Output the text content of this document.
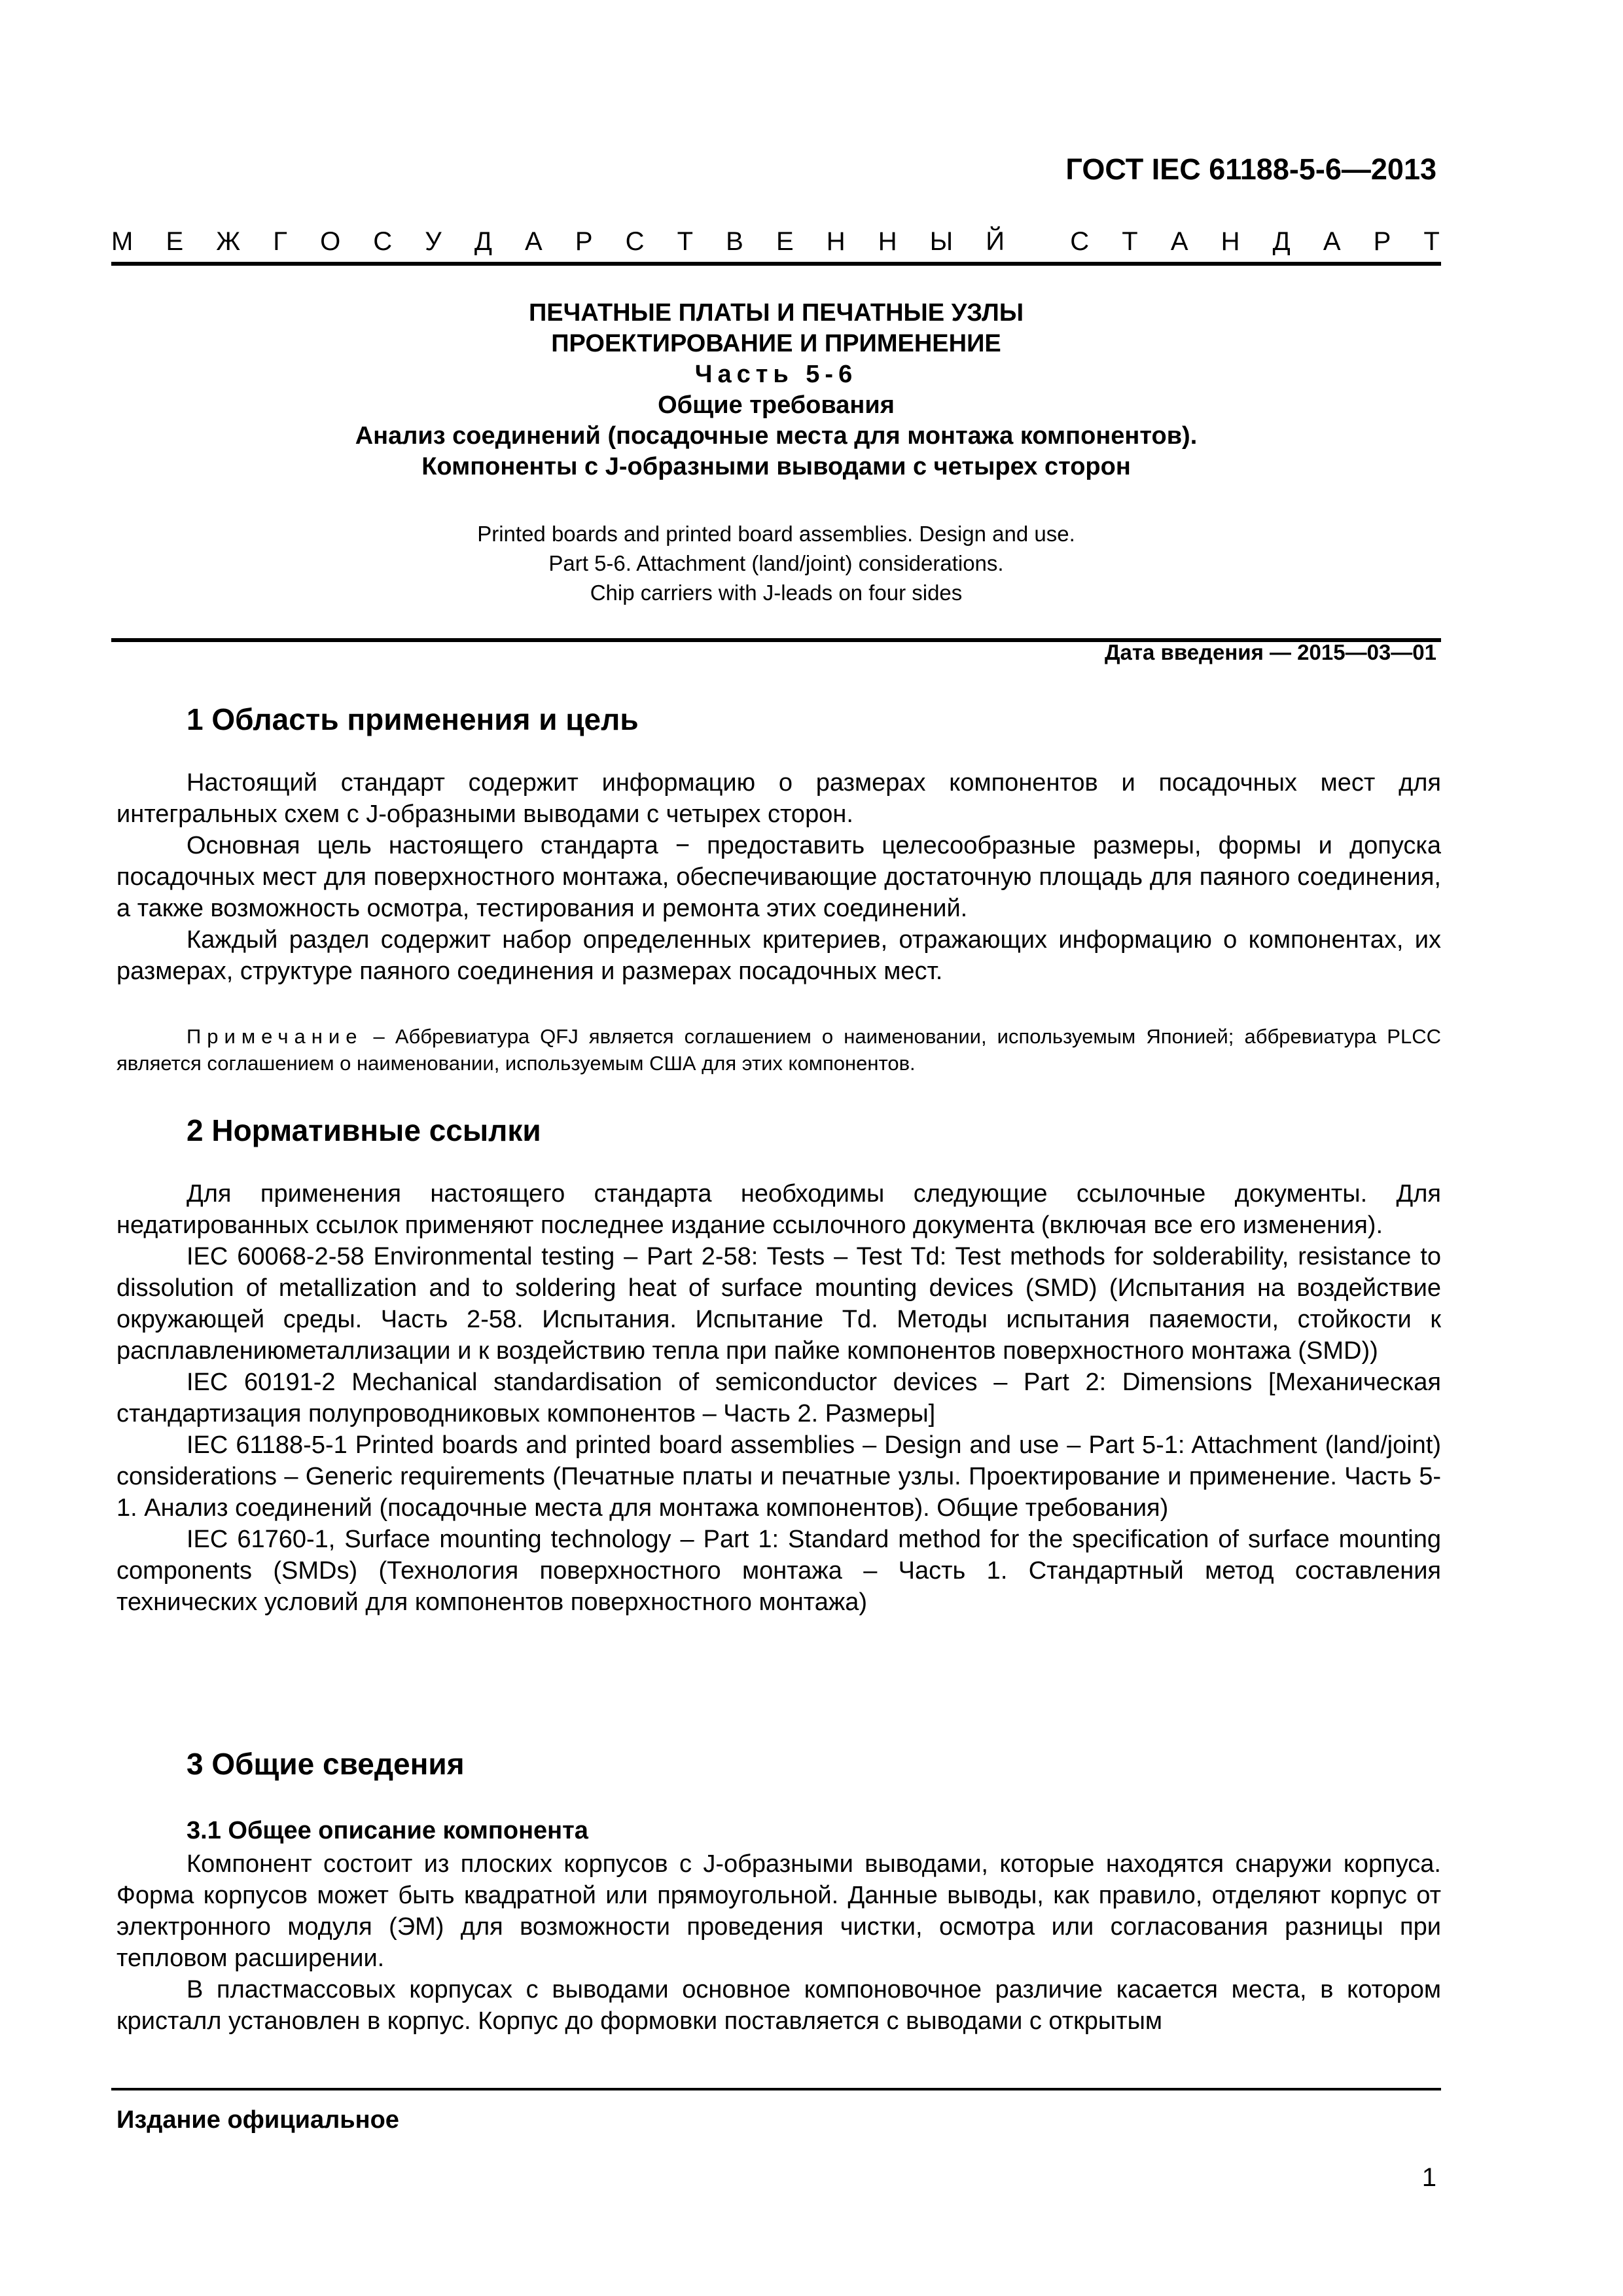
ГОСТ IEC 61188-5-6—2013
М Е Ж Г О С У Д А Р С Т В Е Н Н Ы Й	С Т А Н Д А Р Т
ПЕЧАТНЫЕ ПЛАТЫ И ПЕЧАТНЫЕ УЗЛЫ
ПРОЕКТИРОВАНИЕ И ПРИМЕНЕНИЕ
Часть 5-6
Общие требования
Анализ соединений (посадочные места для монтажа компонентов).
Компоненты с J-образными выводами с четырех сторон
Printed boards and printed board assemblies. Design and use.
Part 5-6. Attachment (land/joint) considerations.
Chip carriers with J-leads on four sides
Дата введения — 2015—03—01
1 Область применения и цель

Настоящий стандарт содержит информацию о размерах компонентов и посадочных мест для интегральных схем с J-образными выводами с четырех сторон.

Основная цель настоящего стандарта − предоставить целесообразные размеры, формы и допуска посадочных мест для поверхностного монтажа, обеспечивающие достаточную площадь для паяного соединения, а также возможность осмотра, тестирования и ремонта этих соединений.

Каждый раздел содержит набор определенных критериев, отражающих информацию о компонентах, их размерах, структуре паяного соединения и размерах посадочных мест.

Примечание – Аббревиатура QFJ является соглашением о наименовании, используемым Японией; аббревиатура PLCC является соглашением о наименовании, используемым США для этих компонентов.

2 Нормативные ссылки

Для применения настоящего стандарта необходимы следующие ссылочные документы. Для недатированных ссылок применяют последнее издание ссылочного документа (включая все его изменения).

IEC 60068-2-58 Environmental testing – Part 2-58: Tests – Test Td: Test methods for solderability, resistance to dissolution of metallization and to soldering heat of surface mounting devices (SMD) (Испытания на воздействие окружающей среды. Часть 2-58. Испытания. Испытание Td. Методы испытания паяемости, стойкости к расплавлениюметаллизации и к воздействию тепла при пайке компонентов поверхностного монтажа (SMD))

IEC 60191-2 Mechanical standardisation of semiconductor devices – Part 2: Dimensions [Механическая стандартизация полупроводниковых компонентов – Часть 2. Размеры]

IEC 61188-5-1 Printed boards and printed board assemblies – Design and use – Part 5-1: Attachment (land/joint) considerations – Generic requirements (Печатные платы и печатные узлы. Проектирование и применение. Часть 5-1. Анализ соединений (посадочные места для монтажа компонентов). Общие требования)

IEC 61760-1, Surface mounting technology – Part 1: Standard method for the specification of surface mounting components (SMDs) (Технология поверхностного монтажа – Часть 1. Стандартный метод составления технических условий для компонентов поверхностного монтажа)

3 Общие сведения
3.1 Общее описание компонента

Компонент состоит из плоских корпусов с J-образными выводами, которые находятся снаружи корпуса. Форма корпусов может быть квадратной или прямоугольной. Данные выводы, как правило, отделяют корпус от электронного модуля (ЭМ) для возможности проведения чистки, осмотра или согласования разницы при тепловом расширении.

В пластмассовых корпусах с выводами основное компоновочное различие касается места, в котором кристалл установлен в корпус. Корпус до формовки поставляется с выводами с открытым

Издание официальное
1
